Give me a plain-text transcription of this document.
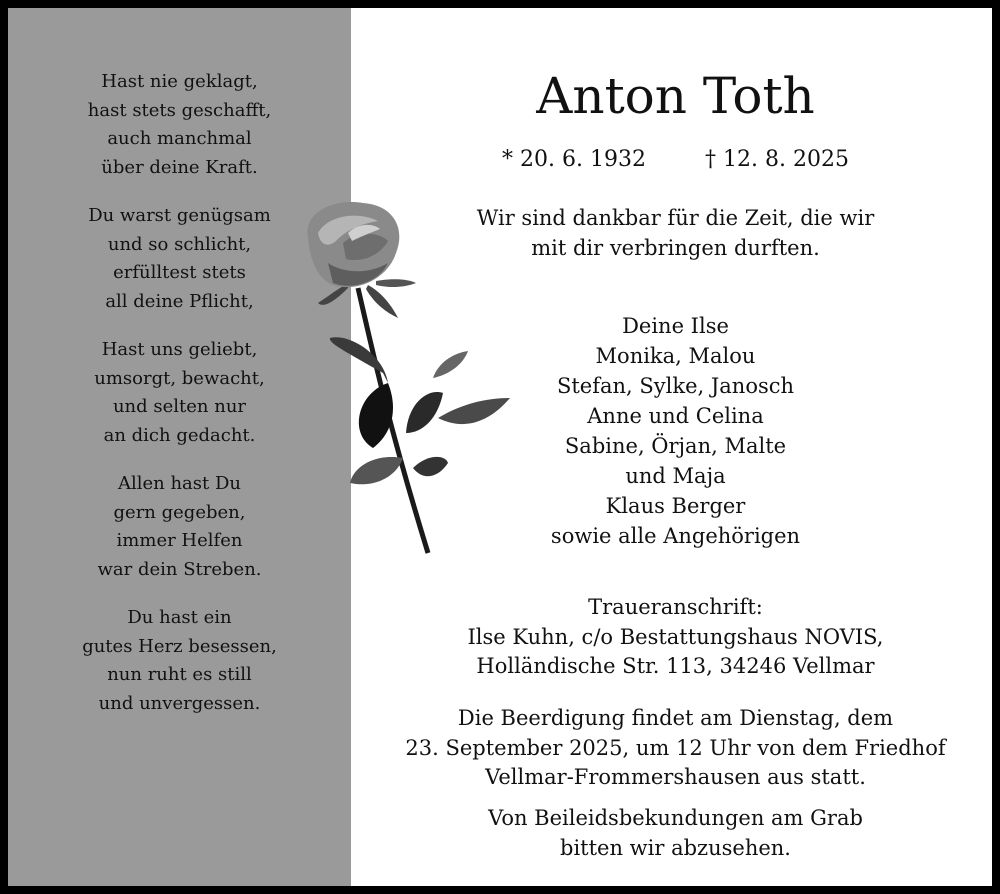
Hast nie geklagt,
hast stets geschafft,
auch manchmal
über deine Kraft.
Du warst genügsam
und so schlicht,
erfülltest stets
all deine Pflicht,
Hast uns geliebt,
umsorgt, bewacht,
und selten nur
an dich gedacht.
Allen hast Du
gern gegeben,
immer Helfen
war dein Streben.
Du hast ein
gutes Herz besessen,
nun ruht es still
und unvergessen.
Anton Toth
* 20. 6. 1932	† 12. 8. 2025
Wir sind dankbar für die Zeit, die wir
mit dir verbringen durften.
Deine Ilse
Monika, Malou
Stefan, Sylke, Janosch
Anne und Celina
Sabine, Örjan, Malte
und Maja
Klaus Berger
sowie alle Angehörigen
Traueranschrift:
Ilse Kuhn, c/o Bestattungshaus NOVIS,
Holländische Str. 113, 34246 Vellmar
Die Beerdigung findet am Dienstag, dem
23. September 2025, um 12 Uhr von dem Friedhof
Vellmar-Frommershausen aus statt.
Von Beileidsbekundungen am Grab
bitten wir abzusehen.
